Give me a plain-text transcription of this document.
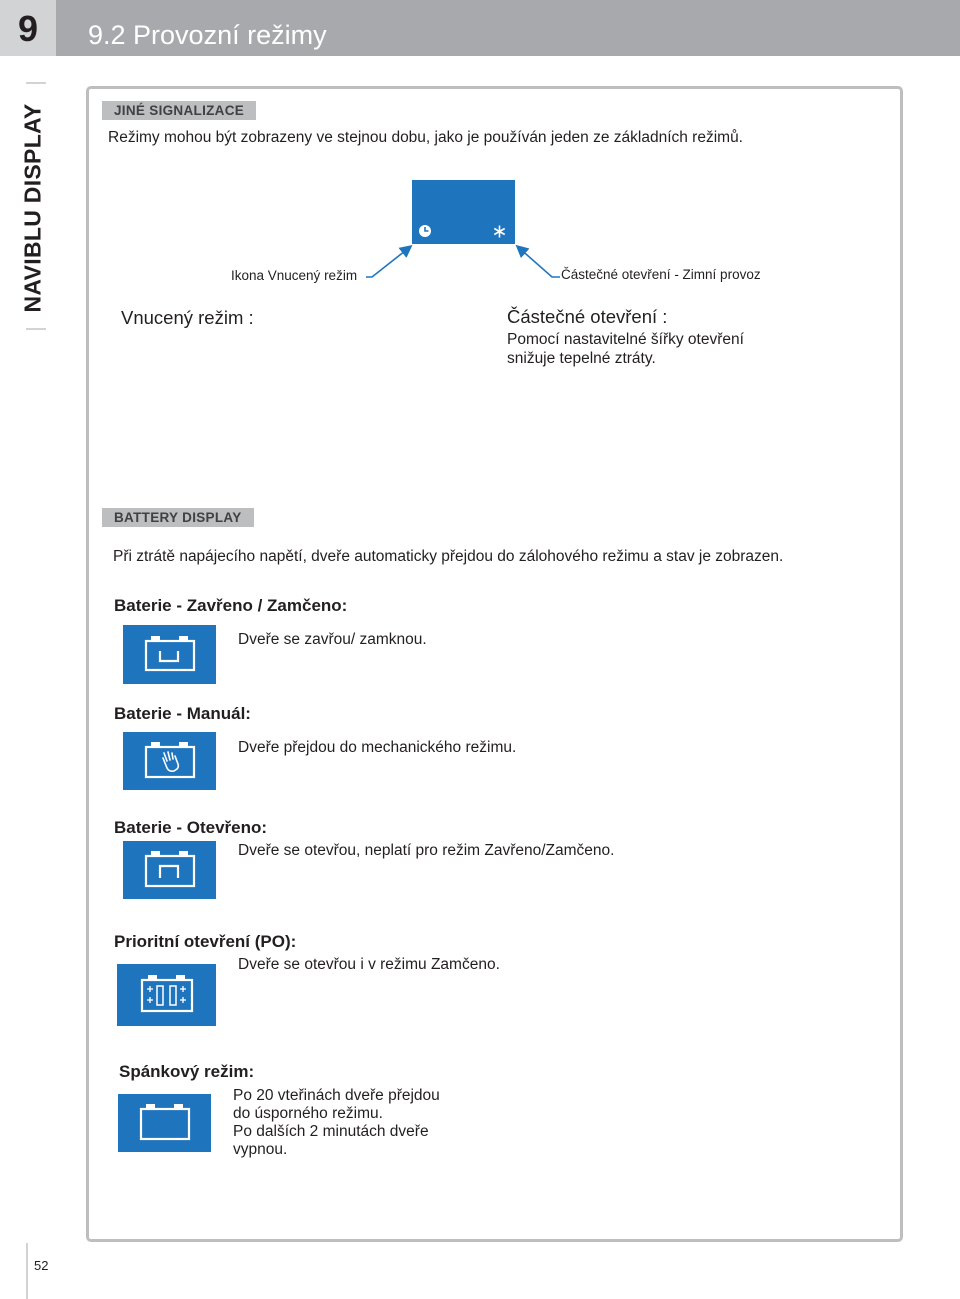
9	9.2 Provozní režimy
NAVIBLU DISPLAY	JINÉ SIGNALIZACE
Režimy mohou být zobrazeny ve stejnou dobu, jako je používán jeden ze základních režimů.
Ikona Vnucený režim	Částečné otevření - Zimní provoz
Vnucený režim :	Částečné otevření :
Pomocí nastavitelné šířky otevření
snižuje tepelné ztráty.
BATTERY DISPLAY
Při ztrátě napájecího napětí, dveře automaticky přejdou do zálohového režimu a stav je zobrazen.
Baterie - Zavřeno / Zamčeno:
Dveře se zavřou/ zamknou.
Baterie - Manuál:
Dveře přejdou do mechanického režimu.
Baterie - Otevřeno:
Dveře se otevřou, neplatí pro režim Zavřeno/Zamčeno.
Prioritní otevření (PO):
Dveře se otevřou i v režimu Zamčeno.
Spánkový režim:
Po 20 vteřinách dveře přejdou
do úsporného režimu.
Po dalších 2 minutách dveře
vypnou.
52
